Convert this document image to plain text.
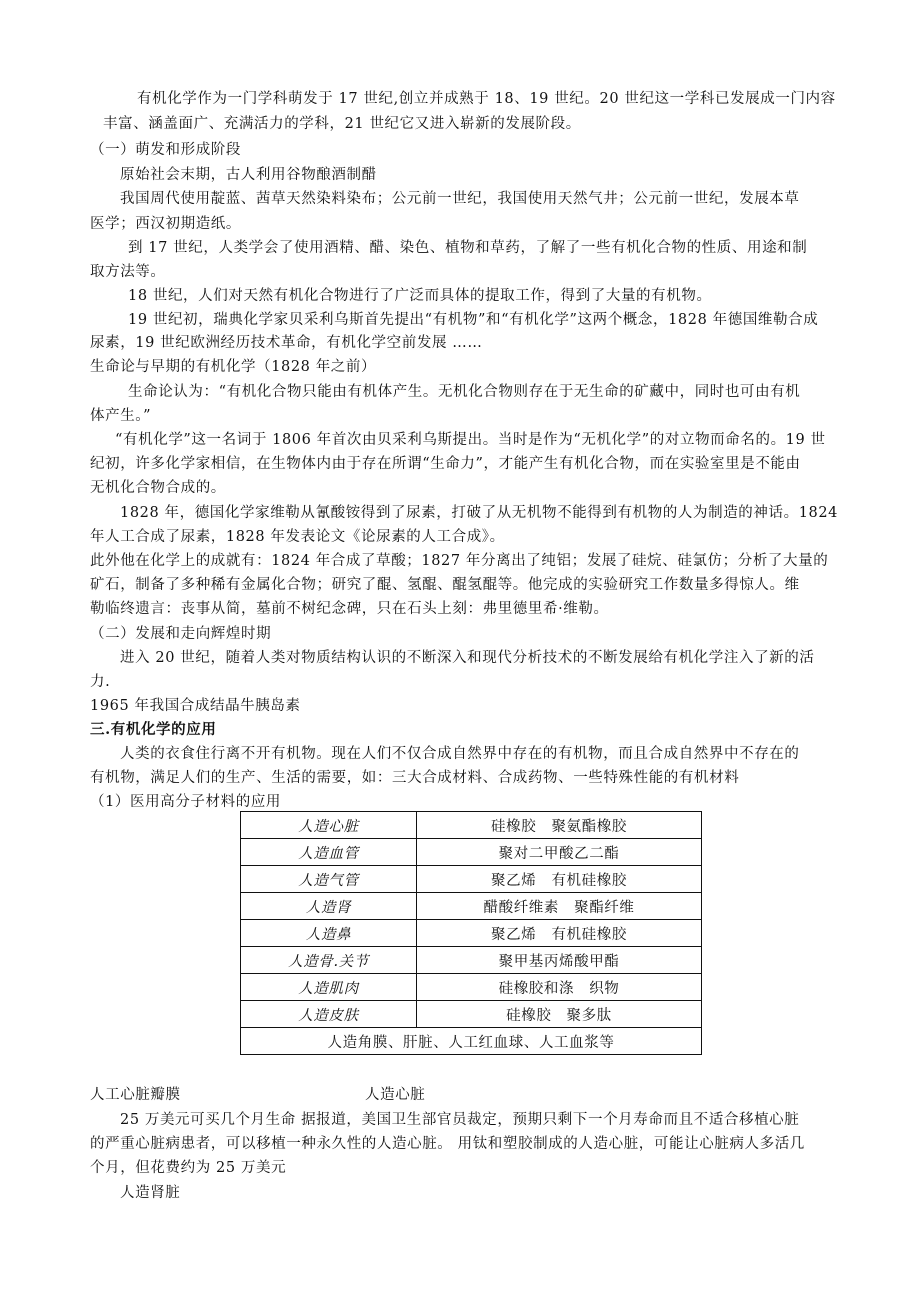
有机化学作为一门学科萌发于 17 世纪,创立并成熟于 18、19 世纪。20 世纪这一学科已发展成一门内容

丰富、涵盖面广、充满活力的学科，21 世纪它又进入崭新的发展阶段。

（一）萌发和形成阶段

原始社会末期，古人利用谷物酿酒制醋

我国周代使用靛蓝、茜草天然染料染布；公元前一世纪，我国使用天然气井；公元前一世纪，发展本草

医学；西汉初期造纸。

到 17 世纪，人类学会了使用酒精、醋、染色、植物和草药，了解了一些有机化合物的性质、用途和制

取方法等。

18 世纪，人们对天然有机化合物进行了广泛而具体的提取工作，得到了大量的有机物。

19 世纪初，瑞典化学家贝采利乌斯首先提出“有机物”和“有机化学”这两个概念，1828 年德国维勒合成

尿素，19 世纪欧洲经历技术革命，有机化学空前发展 ……

生命论与早期的有机化学（1828 年之前）

生命论认为：“有机化合物只能由有机体产生。无机化合物则存在于无生命的矿藏中，同时也可由有机

体产生。”

“有机化学”这一名词于 1806 年首次由贝采利乌斯提出。当时是作为“无机化学”的对立物而命名的。19 世

纪初，许多化学家相信，在生物体内由于存在所谓“生命力”，才能产生有机化合物，而在实验室里是不能由

无机化合物合成的。

1828 年，德国化学家维勒从氰酸铵得到了尿素，打破了从无机物不能得到有机物的人为制造的神话。1824

年人工合成了尿素，1828 年发表论文《论尿素的人工合成》。

此外他在化学上的成就有：1824 年合成了草酸；1827 年分离出了纯铝；发展了硅烷、硅氯仿；分析了大量的

矿石，制备了多种稀有金属化合物；研究了醌、氢醌、醌氢醌等。他完成的实验研究工作数量多得惊人。维

勒临终遗言：丧事从简，墓前不树纪念碑，只在石头上刻：弗里德里希·维勒。

（二）发展和走向辉煌时期

进入 20 世纪，随着人类对物质结构认识的不断深入和现代分析技术的不断发展给有机化学注入了新的活

力.

1965 年我国合成结晶牛胰岛素

三.有机化学的应用

人类的衣食住行离不开有机物。现在人们不仅合成自然界中存在的有机物，而且合成自然界中不存在的

有机物，满足人们的生产、生活的需要，如：三大合成材料、合成药物、一些特殊性能的有机材料

（1）医用高分子材料的应用

人造心脏	硅橡胶　聚氨酯橡胶
人造血管	聚对二甲酸乙二酯
人造气管	聚乙烯　有机硅橡胶
人造肾	醋酸纤维素　聚酯纤维
人造鼻	聚乙烯　有机硅橡胶
人造骨.关节	聚甲基丙烯酸甲酯
人造肌肉	硅橡胶和涤　织物
人造皮肤	硅橡胶　聚多肽
人造角膜、肝脏、人工红血球、人工血浆等	

人工心脏瓣膜	人造心脏

25 万美元可买几个月生命 据报道，美国卫生部官员裁定，预期只剩下一个月寿命而且不适合移植心脏

的严重心脏病患者，可以移植一种永久性的人造心脏。 用钛和塑胶制成的人造心脏，可能让心脏病人多活几

个月，但花费约为 25 万美元

人造肾脏
